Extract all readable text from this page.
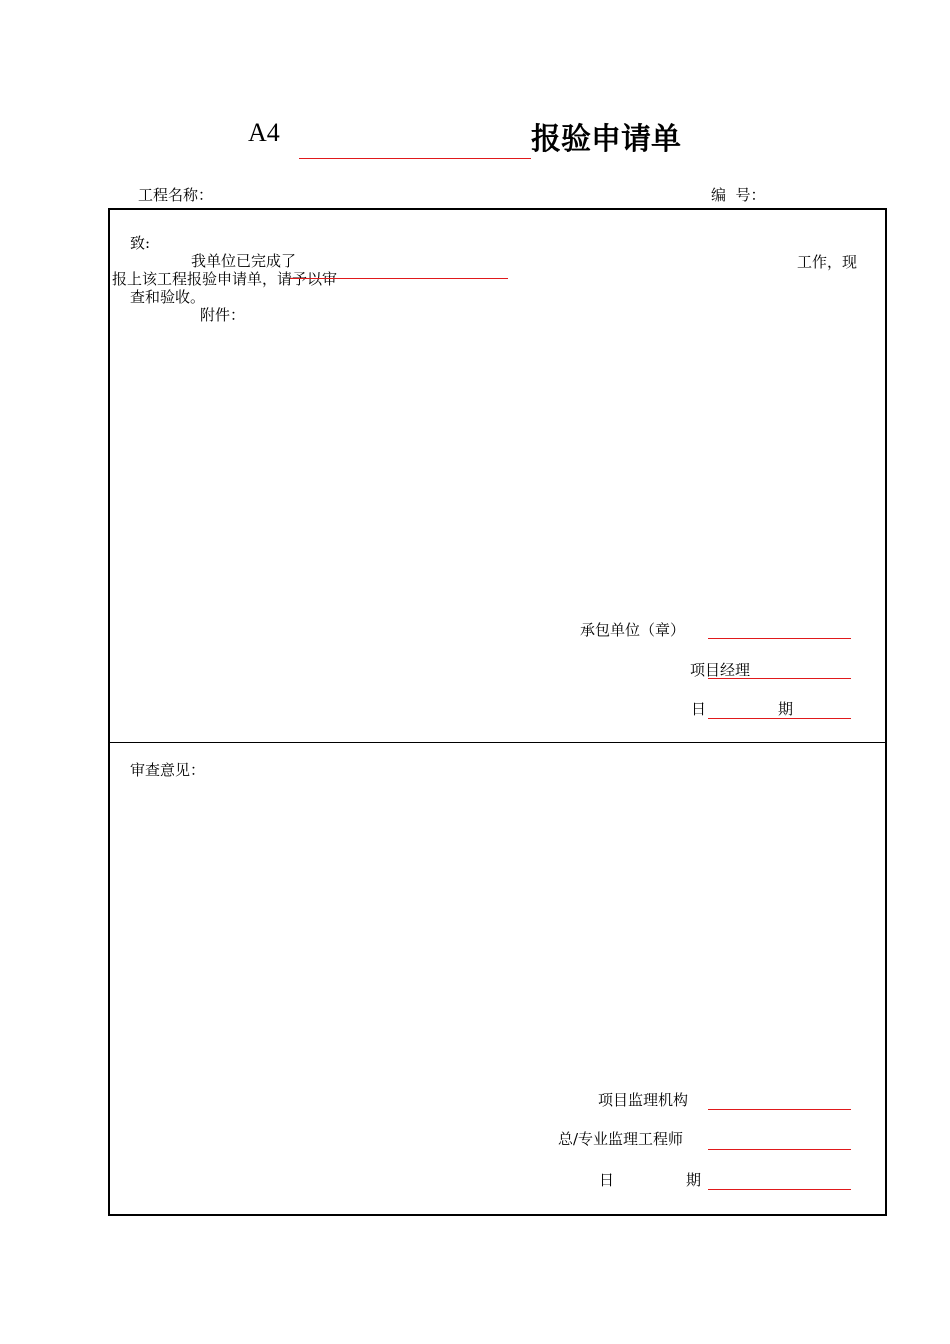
A4	报验申请单
工程名称：	编  号：
致:
我单位已完成了	工作，现
报上该工程报验申请单，请予以审
查和验收。
附件：
承包单位（章）
项目经理
日	期
审查意见：
项目监理机构
总/专业监理工程师
日	期
